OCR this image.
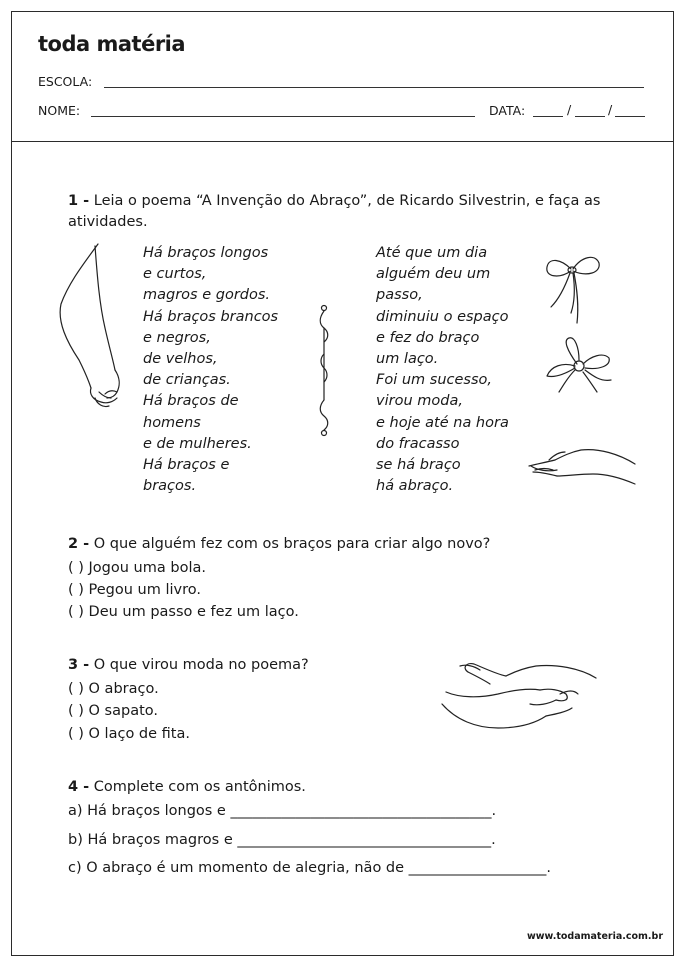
toda matéria
ESCOLA:
NOME:	DATA:	/	/
1 - Leia o poema “A Invenção do Abraço”, de Ricardo Silvestrin, e faça as atividades.
Há braços longos
e curtos,
magros e gordos.
Há braços brancos
e negros,
de velhos,
de crianças.
Há braços de
homens
e de mulheres.
Há braços e
braços.
Até que um dia
alguém deu um
passo,
diminuiu o espaço
e fez do braço
um laço.
Foi um sucesso,
virou moda,
e hoje até na hora
do fracasso
se há braço
há abraço.
2 - O que alguém fez com os braços para criar algo novo?
( ) Jogou uma bola.
( ) Pegou um livro.
( ) Deu um passo e fez um laço.
3 - O que virou moda no poema?
( ) O abraço.
( ) O sapato.
( ) O laço de fita.
4 - Complete com os antônimos.
a) Há braços longos e ____________________________________.
b) Há braços magros e ___________________________________.
c) O abraço é um momento de alegria, não de ___________________.
www.todamateria.com.br
